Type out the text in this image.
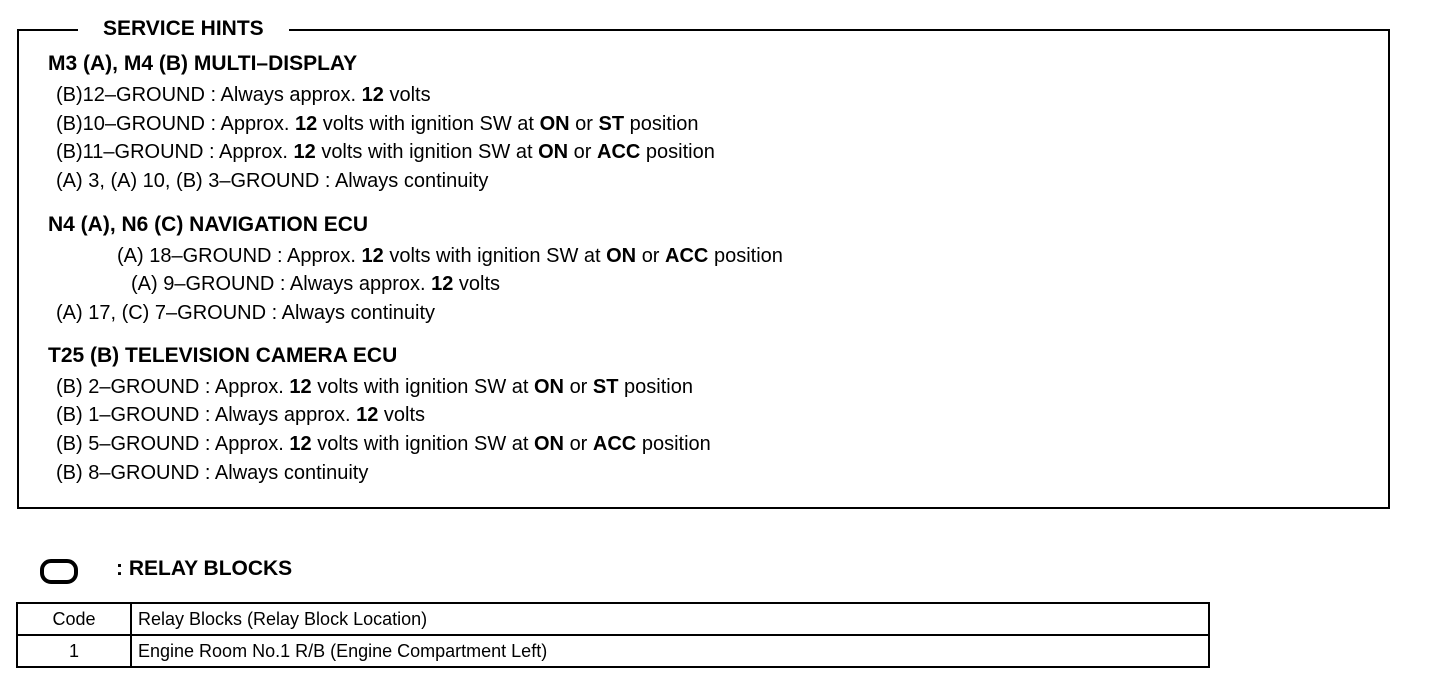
SERVICE HINTS
M3 (A), M4 (B) MULTI–DISPLAY
(B)12–GROUND : Always approx. 12 volts
(B)10–GROUND : Approx. 12 volts with ignition SW at ON or ST position
(B)11–GROUND : Approx. 12 volts with ignition SW at ON or ACC position
(A) 3, (A) 10, (B) 3–GROUND : Always continuity
N4 (A), N6 (C) NAVIGATION ECU
(A) 18–GROUND : Approx. 12 volts with ignition SW at ON or ACC position
(A) 9–GROUND : Always approx. 12 volts
(A) 17, (C) 7–GROUND : Always continuity
T25 (B) TELEVISION CAMERA ECU
(B) 2–GROUND : Approx. 12 volts with ignition SW at ON or ST position
(B) 1–GROUND : Always approx. 12 volts
(B) 5–GROUND : Approx. 12 volts with ignition SW at ON or ACC position
(B) 8–GROUND : Always continuity
: RELAY BLOCKS
Code	Relay Blocks (Relay Block Location)
1	Engine Room No.1 R/B (Engine Compartment Left)
